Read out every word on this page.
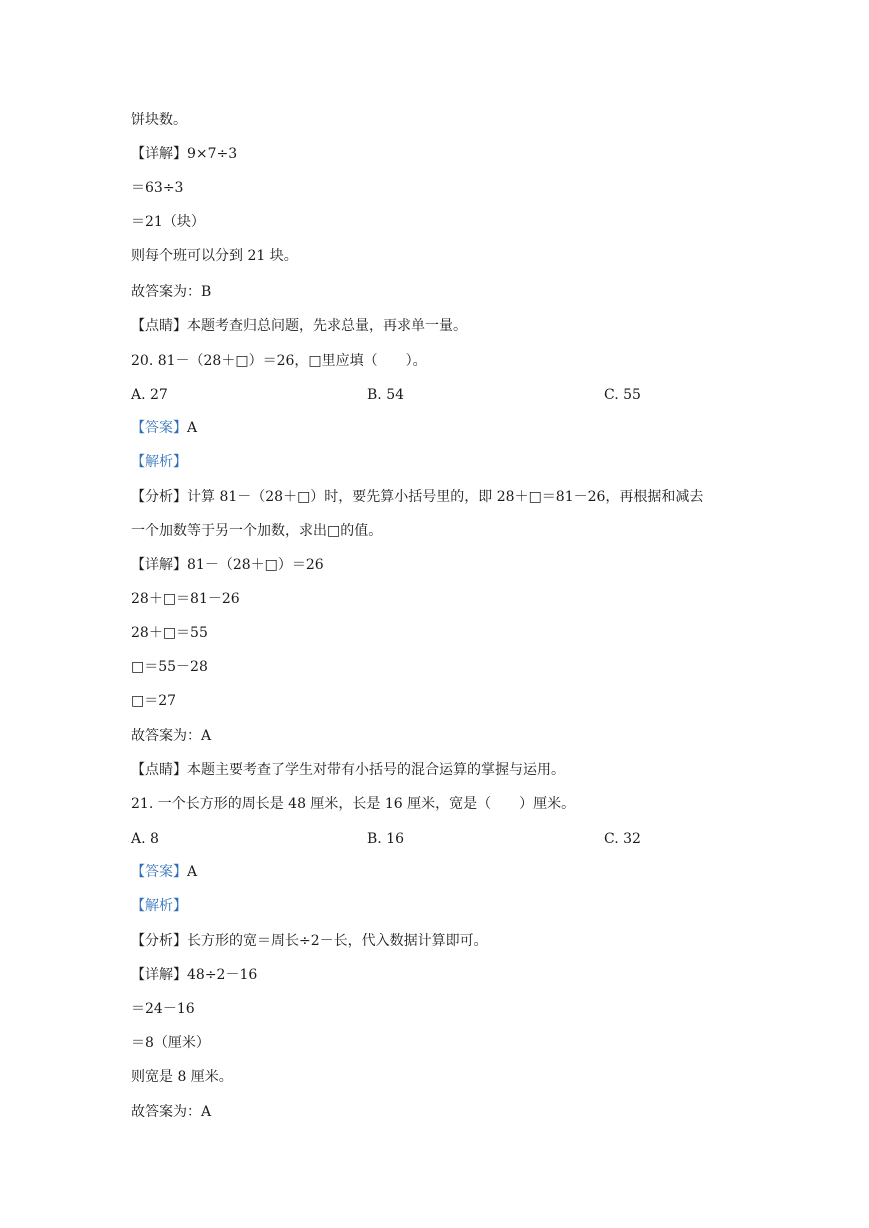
饼块数。
【详解】9×7÷3
＝63÷3
＝21（块）
则每个班可以分到 21 块。
故答案为：B
【点睛】本题考查归总问题，先求总量，再求单一量。
20. 81－（28＋□）＝26，□里应填（　　）。
A. 27	B. 54	C. 55
【答案】A
【解析】
【分析】计算 81－（28＋□）时，要先算小括号里的，即 28＋□＝81－26，再根据和减去
一个加数等于另一个加数，求出□的值。
【详解】81－（28＋□）＝26
28＋□＝81－26
28＋□＝55
□＝55－28
□＝27
故答案为：A
【点睛】本题主要考查了学生对带有小括号的混合运算的掌握与运用。
21. 一个长方形的周长是 48 厘米，长是 16 厘米，宽是（　　）厘米。
A. 8	B. 16	C. 32
【答案】A
【解析】
【分析】长方形的宽＝周长÷2－长，代入数据计算即可。
【详解】48÷2－16
＝24－16
＝8（厘米）
则宽是 8 厘米。
故答案为：A
